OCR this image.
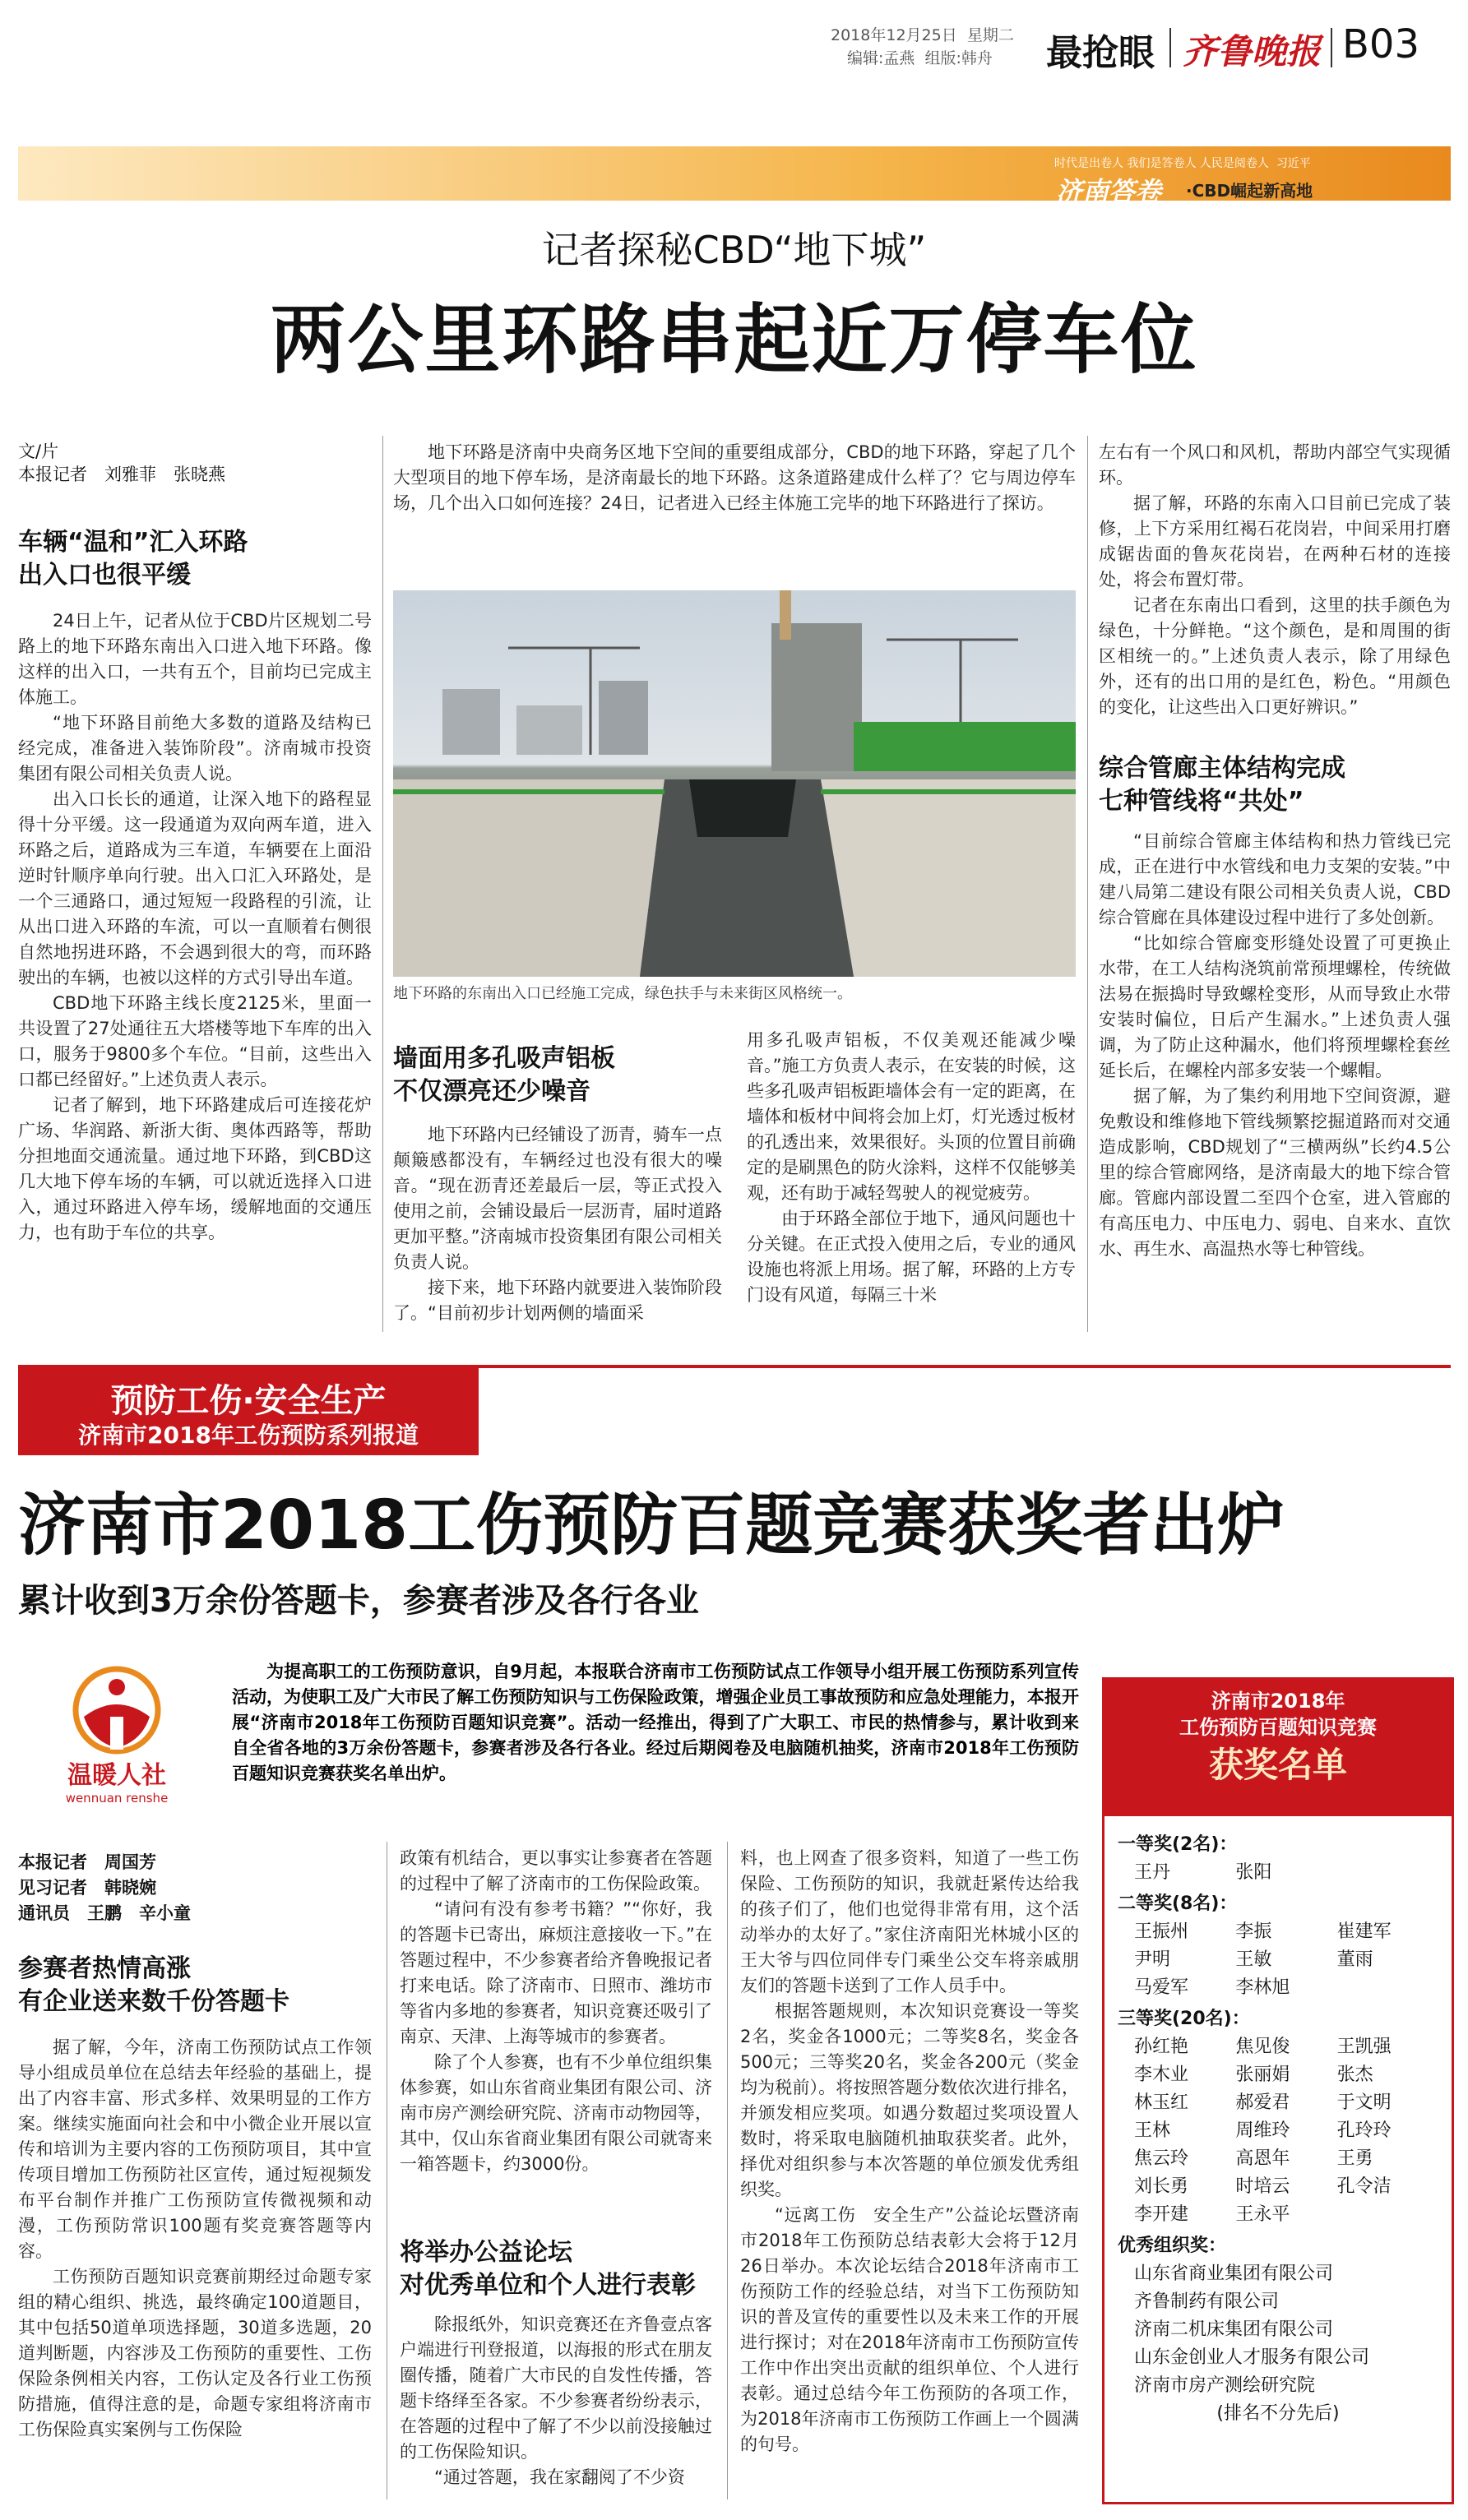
2018年12月25日 星期二
编辑:孟燕 组版:韩舟 最抢眼 齐鲁晚报 B03
时代是出卷人 我们是答卷人 人民是阅卷人 习近平
济南答卷 ·CBD崛起新高地
记者探秘CBD“地下城”
两公里环路串起近万停车位
文/片
本报记者　刘雅菲　张晓燕
车辆“温和”汇入环路
出入口也很平缓

24日上午，记者从位于CBD片区规划二号路上的地下环路东南出入口进入地下环路。像这样的出入口，一共有五个，目前均已完成主体施工。

“地下环路目前绝大多数的道路及结构已经完成，准备进入装饰阶段”。济南城市投资集团有限公司相关负责人说。

出入口长长的通道，让深入地下的路程显得十分平缓。这一段通道为双向两车道，进入环路之后，道路成为三车道，车辆要在上面沿逆时针顺序单向行驶。出入口汇入环路处，是一个三通路口，通过短短一段路程的引流，让从出口进入环路的车流，可以一直顺着右侧很自然地拐进环路，不会遇到很大的弯，而环路驶出的车辆，也被以这样的方式引导出车道。

CBD地下环路主线长度2125米，里面一共设置了27处通往五大塔楼等地下车库的出入口，服务于9800多个车位。“目前，这些出入口都已经留好。”上述负责人表示。

记者了解到，地下环路建成后可连接花炉广场、华润路、新浙大街、奥体西路等，帮助分担地面交通流量。通过地下环路，到CBD这几大地下停车场的车辆，可以就近选择入口进入，通过环路进入停车场，缓解地面的交通压力，也有助于车位的共享。

地下环路是济南中央商务区地下空间的重要组成部分，CBD的地下环路，穿起了几个大型项目的地下停车场，是济南最长的地下环路。这条道路建成什么样了？它与周边停车场，几个出入口如何连接？24日，记者进入已经主体施工完毕的地下环路进行了探访。
地下环路的东南出入口已经施工完成，绿色扶手与未来街区风格统一。
墙面用多孔吸声铝板
不仅漂亮还少噪音

地下环路内已经铺设了沥青，骑车一点颠簸感都没有，车辆经过也没有很大的噪音。“现在沥青还差最后一层，等正式投入使用之前，会铺设最后一层沥青，届时道路更加平整。”济南城市投资集团有限公司相关负责人说。

接下来，地下环路内就要进入装饰阶段了。“目前初步计划两侧的墙面采

用多孔吸声铝板，不仅美观还能减少噪音。”施工方负责人表示，在安装的时候，这些多孔吸声铝板距墙体会有一定的距离，在墙体和板材中间将会加上灯，灯光透过板材的孔透出来，效果很好。头顶的位置目前确定的是刷黑色的防火涂料，这样不仅能够美观，还有助于减轻驾驶人的视觉疲劳。

由于环路全部位于地下，通风问题也十分关键。在正式投入使用之后，专业的通风设施也将派上用场。据了解，环路的上方专门设有风道，每隔三十米

左右有一个风口和风机，帮助内部空气实现循环。

据了解，环路的东南入口目前已完成了装修，上下方采用红褐石花岗岩，中间采用打磨成锯齿面的鲁灰花岗岩，在两种石材的连接处，将会布置灯带。

记者在东南出口看到，这里的扶手颜色为绿色，十分鲜艳。“这个颜色，是和周围的街区相统一的。”上述负责人表示，除了用绿色外，还有的出口用的是红色，粉色。“用颜色的变化，让这些出入口更好辨识。”

综合管廊主体结构完成
七种管线将“共处”

“目前综合管廊主体结构和热力管线已完成，正在进行中水管线和电力支架的安装。”中建八局第二建设有限公司相关负责人说，CBD综合管廊在具体建设过程中进行了多处创新。

“比如综合管廊变形缝处设置了可更换止水带，在工人结构浇筑前常预埋螺栓，传统做法易在振捣时导致螺栓变形，从而导致止水带安装时偏位，日后产生漏水。”上述负责人强调，为了防止这种漏水，他们将预埋螺栓套丝延长后，在螺栓内部多安装一个螺帽。

据了解，为了集约利用地下空间资源，避免敷设和维修地下管线频繁挖掘道路而对交通造成影响，CBD规划了“三横两纵”长约4.5公里的综合管廊网络，是济南最大的地下综合管廊。管廊内部设置二至四个仓室，进入管廊的有高压电力、中压电力、弱电、自来水、直饮水、再生水、高温热水等七种管线。

预防工伤·安全生产
济南市2018年工伤预防系列报道
济南市2018工伤预防百题竞赛获奖者出炉
累计收到3万余份答题卡，参赛者涉及各行各业
温暖人社
wennuan renshe
为提高职工的工伤预防意识，自9月起，本报联合济南市工伤预防试点工作领导小组开展工伤预防系列宣传活动，为使职工及广大市民了解工伤预防知识与工伤保险政策，增强企业员工事故预防和应急处理能力，本报开展“济南市2018年工伤预防百题知识竞赛”。活动一经推出，得到了广大职工、市民的热情参与，累计收到来自全省各地的3万余份答题卡，参赛者涉及各行各业。经过后期阅卷及电脑随机抽奖，济南市2018年工伤预防百题知识竞赛获奖名单出炉。
本报记者　周国芳
见习记者　韩晓婉
通讯员　王鹏　辛小童
参赛者热情高涨
有企业送来数千份答题卡

据了解，今年，济南工伤预防试点工作领导小组成员单位在总结去年经验的基础上，提出了内容丰富、形式多样、效果明显的工作方案。继续实施面向社会和中小微企业开展以宣传和培训为主要内容的工伤预防项目，其中宣传项目增加工伤预防社区宣传，通过短视频发布平台制作并推广工伤预防宣传微视频和动漫，工伤预防常识100题有奖竞赛答题等内容。

工伤预防百题知识竞赛前期经过命题专家组的精心组织、挑选，最终确定100道题目，其中包括50道单项选择题，30道多选题，20道判断题，内容涉及工伤预防的重要性、工伤保险条例相关内容，工伤认定及各行业工伤预防措施，值得注意的是，命题专家组将济南市工伤保险真实案例与工伤保险

政策有机结合，更以事实让参赛者在答题的过程中了解了济南市的工伤保险政策。

“请问有没有参考书籍？”“你好，我的答题卡已寄出，麻烦注意接收一下。”在答题过程中，不少参赛者给齐鲁晚报记者打来电话。除了济南市、日照市、潍坊市等省内多地的参赛者，知识竞赛还吸引了南京、天津、上海等城市的参赛者。

除了个人参赛，也有不少单位组织集体参赛，如山东省商业集团有限公司、济南市房产测绘研究院、济南市动物园等，其中，仅山东省商业集团有限公司就寄来一箱答题卡，约3000份。

将举办公益论坛
对优秀单位和个人进行表彰

除报纸外，知识竞赛还在齐鲁壹点客户端进行刊登报道，以海报的形式在朋友圈传播，随着广大市民的自发性传播，答题卡络绎至各家。不少参赛者纷纷表示，在答题的过程中了解了不少以前没接触过的工伤保险知识。

“通过答题，我在家翻阅了不少资

料，也上网查了很多资料，知道了一些工伤保险、工伤预防的知识，我就赶紧传达给我的孩子们了，他们也觉得非常有用，这个活动举办的太好了。”家住济南阳光林城小区的王大爷与四位同伴专门乘坐公交车将亲戚朋友们的答题卡送到了工作人员手中。

根据答题规则，本次知识竞赛设一等奖2名，奖金各1000元；二等奖8名，奖金各500元；三等奖20名，奖金各200元（奖金均为税前）。将按照答题分数依次进行排名，并颁发相应奖项。如遇分数超过奖项设置人数时，将采取电脑随机抽取获奖者。此外，择优对组织参与本次答题的单位颁发优秀组织奖。

“远离工伤　安全生产”公益论坛暨济南市2018年工伤预防总结表彰大会将于12月26日举办。本次论坛结合2018年济南市工伤预防工作的经验总结，对当下工伤预防知识的普及宣传的重要性以及未来工作的开展进行探讨；对在2018年济南市工伤预防宣传工作中作出突出贡献的组织单位、个人进行表彰。通过总结今年工伤预防的各项工作，为2018年济南市工伤预防工作画上一个圆满的句号。

济南市2018年
工伤预防百题知识竞赛
获奖名单
一等奖(2名)：
王丹	张阳
二等奖(8名)：
王振州	李振	崔建军
尹明	王敏	董雨
马爱军	李林旭
三等奖(20名)：
孙红艳	焦见俊	王凯强
李木业	张丽娟	张杰
林玉红	郝爱君	于文明
王林	周维玲	孔玲玲
焦云玲	高恩年	王勇
刘长勇	时培云	孔令洁
李开建	王永平
优秀组织奖：
山东省商业集团有限公司
齐鲁制药有限公司
济南二机床集团有限公司
山东金创业人才服务有限公司
济南市房产测绘研究院
(排名不分先后)
